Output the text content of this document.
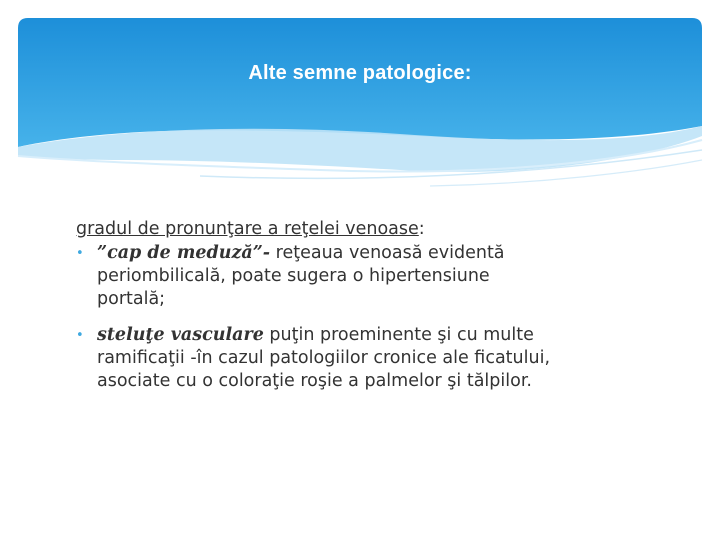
Alte semne patologice:
gradul de pronunţare a reţelei venoase:
• ”cap de meduză”- reţeaua venoasă evidentă
periombilicală, poate sugera o hipertensiune
portală;
• steluţe vasculare puţin proeminente şi cu multe
ramificaţii -în cazul patologiilor cronice ale ficatului,
asociate cu o coloraţie roşie a palmelor şi tălpilor.
